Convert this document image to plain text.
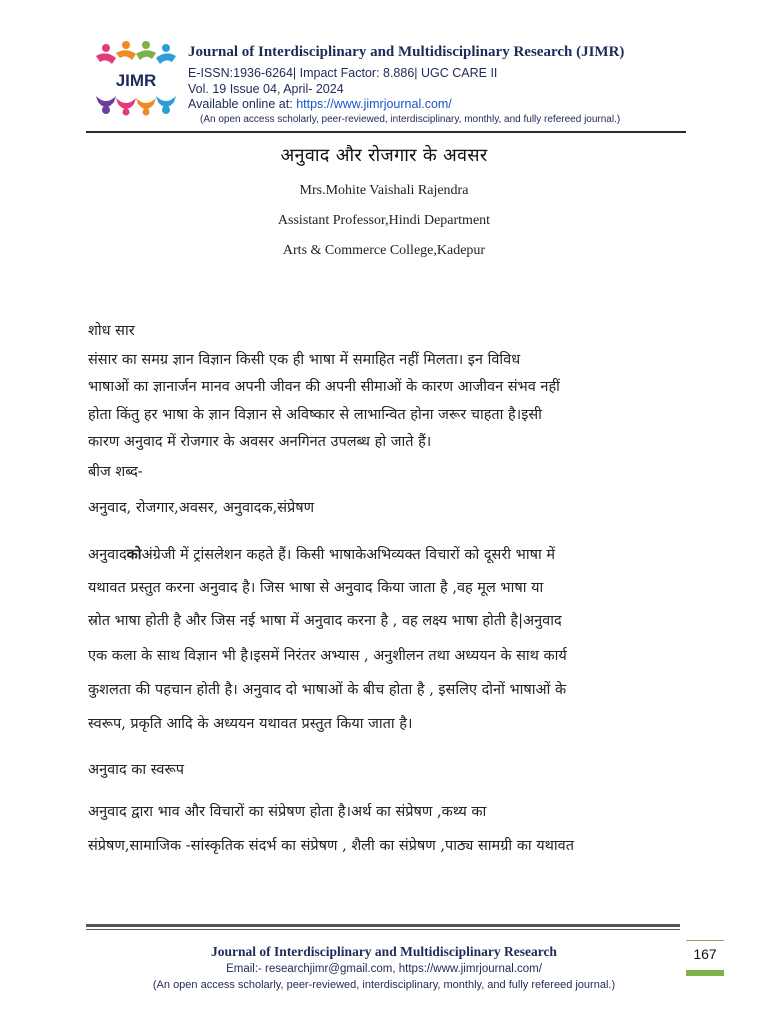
JIMR
Journal of Interdisciplinary and Multidisciplinary Research (JIMR)
E-ISSN:1936-6264| Impact Factor: 8.886| UGC CARE II
Vol. 19 Issue 04, April- 2024
Available online at: https://www.jimrjournal.com/
(An open access scholarly, peer-reviewed, interdisciplinary, monthly, and fully refereed journal.)
अनुवाद और रोजगार के अवसर
Mrs.Mohite Vaishali Rajendra
Assistant Professor,Hindi Department
Arts & Commerce College,Kadepur
शोध सार
संसार का समग्र ज्ञान विज्ञान किसी एक ही भाषा में समाहित नहीं मिलता। इन विविध
भाषाओं का ज्ञानार्जन मानव अपनी जीवन की अपनी सीमाओं के कारण आजीवन संभव नहीं
होता किंतु हर भाषा के ज्ञान विज्ञान से अविष्कार से लाभान्वित होना जरूर चाहता है।इसी
कारण अनुवाद में रोजगार के अवसर अनगिनत उपलब्ध हो जाते हैं।
बीज शब्द-
अनुवाद, रोजगार,अवसर, अनुवादक,संप्रेषण
अनुवादकोअंग्रेजी में ट्रांसलेशन कहते हैं। किसी भाषाकेअभिव्यक्त विचारों को दूसरी भाषा में
यथावत प्रस्तुत करना अनुवाद है। जिस भाषा से अनुवाद किया जाता है ,वह मूल भाषा या
स्रोत भाषा होती है और जिस नई भाषा में अनुवाद करना है , वह लक्ष्य भाषा होती है|अनुवाद
एक कला के साथ विज्ञान भी है।इसमें निरंतर अभ्यास , अनुशीलन तथा अध्ययन के साथ कार्य
कुशलता की पहचान होती है। अनुवाद दो भाषाओं के बीच होता है , इसलिए दोनों भाषाओं के
स्वरूप, प्रकृति आदि के अध्ययन यथावत प्रस्तुत किया जाता है।
अनुवाद का स्वरूप
अनुवाद द्वारा भाव और विचारों का संप्रेषण होता है।अर्थ का संप्रेषण ,कथ्य का
संप्रेषण,सामाजिक -सांस्कृतिक संदर्भ का संप्रेषण , शैली का संप्रेषण ,पाठ्य सामग्री का यथावत
Journal of Interdisciplinary and Multidisciplinary Research
Email:- researchjimr@gmail.com, https://www.jimrjournal.com/
(An open access scholarly, peer-reviewed, interdisciplinary, monthly, and fully refereed journal.)
167
